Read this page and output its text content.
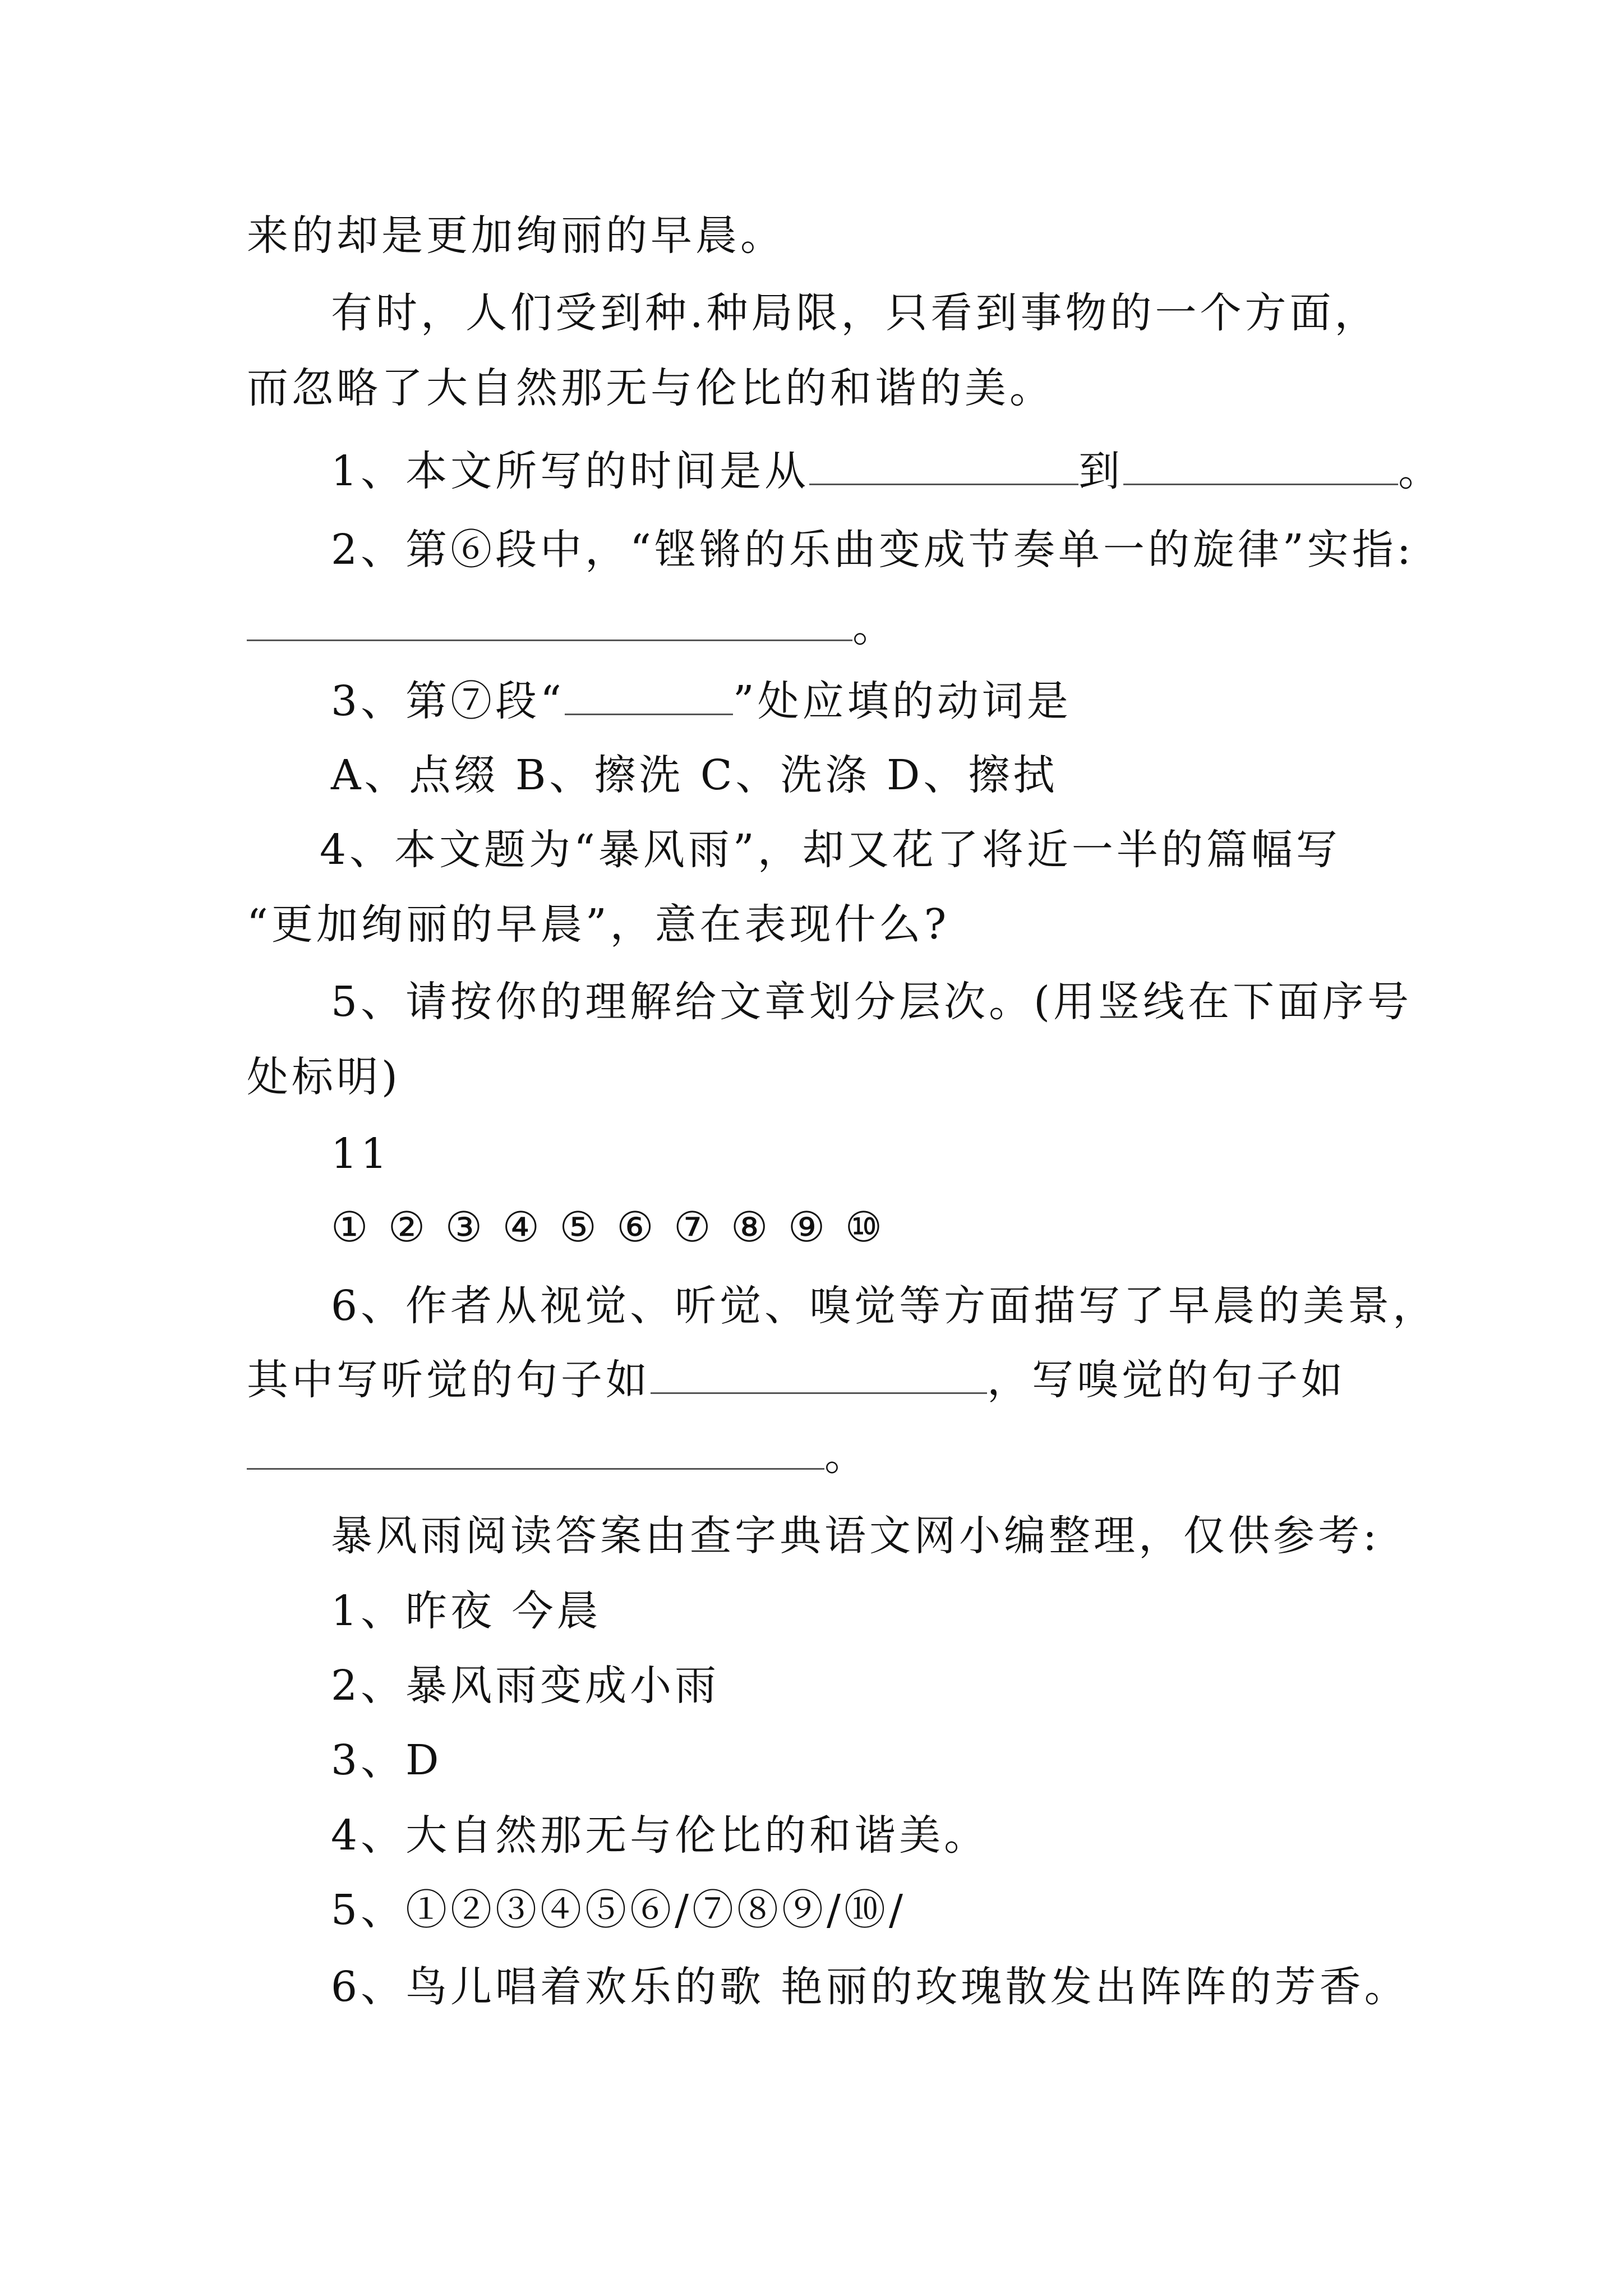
来的却是更加绚丽的早晨。
有时，人们受到种.种局限，只看到事物的一个方面，
而忽略了大自然那无与伦比的和谐的美。
1、本文所写的时间是从	到	。
2、第⑥段中，“铿锵的乐曲变成节奏单一的旋律”实指:
。
3、第⑦段“	”处应填的动词是
A、点缀 B、擦洗 C、洗涤 D、擦拭
4、本文题为“暴风雨”，却又花了将近一半的篇幅写
“更加绚丽的早晨”，意在表现什么?
5、请按你的理解给文章划分层次。(用竖线在下面序号
处标明)
11
① ② ③ ④ ⑤ ⑥ ⑦ ⑧ ⑨ ⑩
6、作者从视觉、听觉、嗅觉等方面描写了早晨的美景，
其中写听觉的句子如	，写嗅觉的句子如
。
暴风雨阅读答案由查字典语文网小编整理，仅供参考:
1、昨夜 今晨
2、暴风雨变成小雨
3、D
4、大自然那无与伦比的和谐美。
5、①②③④⑤⑥/⑦⑧⑨/⑩/
6、鸟儿唱着欢乐的歌 艳丽的玫瑰散发出阵阵的芳香。
